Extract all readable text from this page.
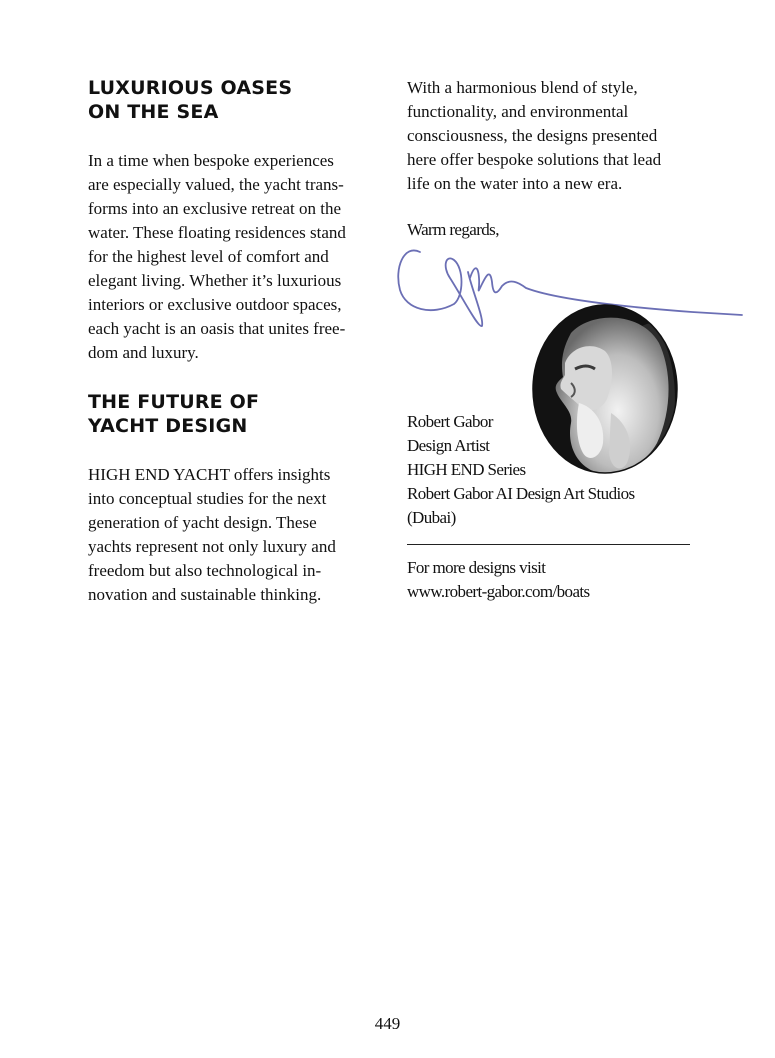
LUXURIOUS OASES
ON THE SEA

In a time when bespoke experiences
are especially valued, the yacht trans-
forms into an exclusive retreat on the
water. These floating residences stand
for the highest level of comfort and
elegant living. Whether it’s luxurious
interiors or exclusive outdoor spaces,
each yacht is an oasis that unites free-
dom and luxury.

THE FUTURE OF
YACHT DESIGN

HIGH END YACHT offers insights
into conceptual studies for the next
generation of yacht design. These
yachts represent not only luxury and
freedom but also technological in-
novation and sustainable thinking.

With a harmonious blend of style,
functionality, and environmental
consciousness, the designs presented
here offer bespoke solutions that lead
life on the water into a new era.

Warm regards,
Robert Gabor
Design Artist
HIGH END Series
Robert Gabor AI Design Art Studios
(Dubai)
For more designs visit
www.robert-gabor.com/boats
449
